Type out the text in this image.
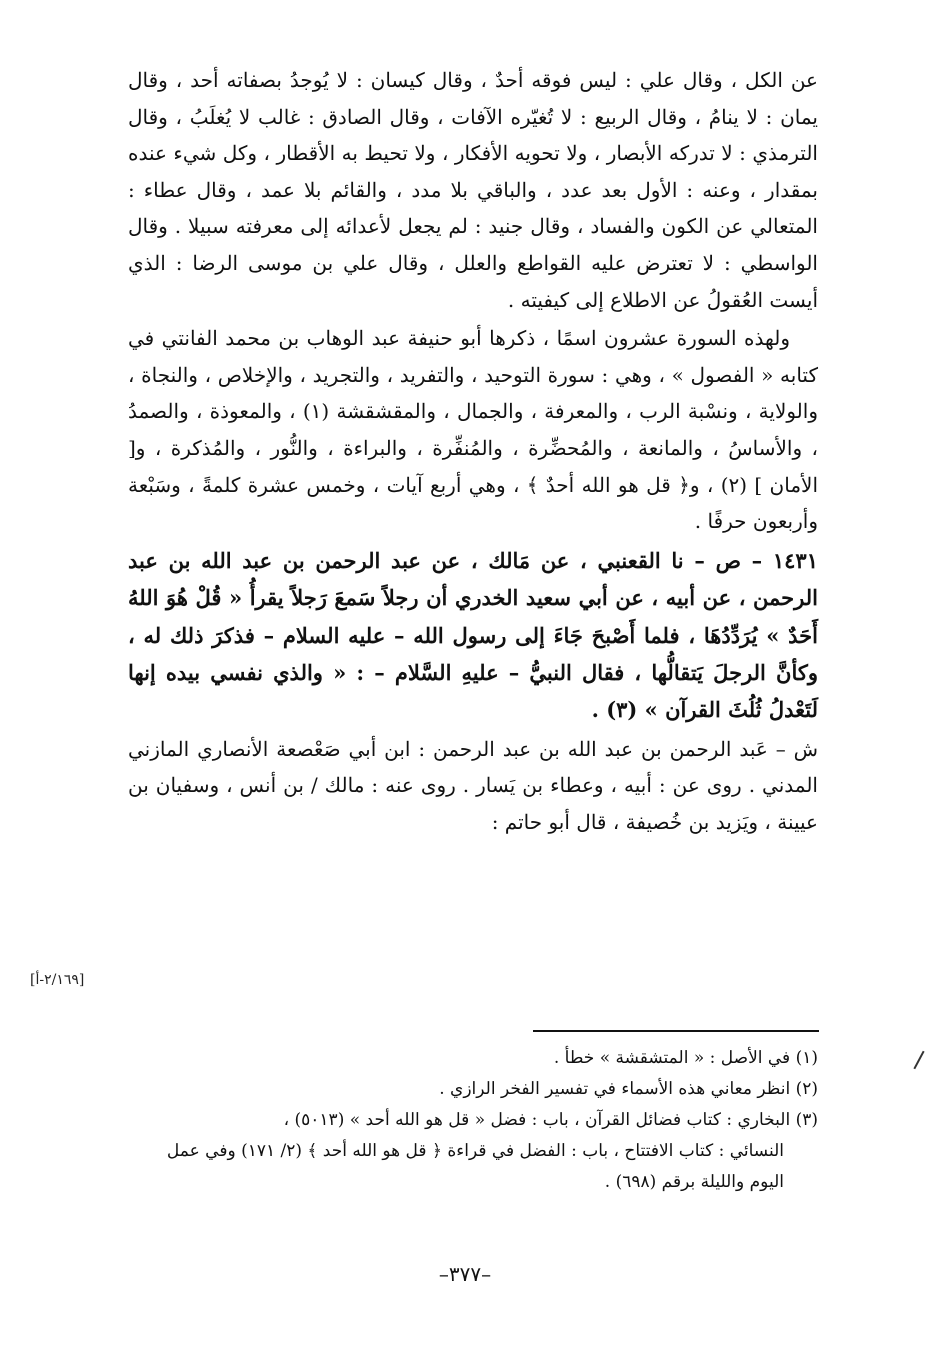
عن الكل ، وقال علي : ليس فوقه أحدٌ ، وقال كيسان : لا يُوجدُ بصفاته أحد ، وقال يمان : لا ينامُ ، وقال الربيع : لا تُغيّره الآفات ، وقال الصادق : غالب لا يُغلَبُ ، وقال الترمذي : لا تدركه الأبصار ، ولا تحويه الأفكار ، ولا تحيط به الأقطار ، وكل شيء عنده بمقدار ، وعنه : الأول بعد عدد ، والباقي بلا مدد ، والقائم بلا عمد ، وقال عطاء : المتعالي عن الكون والفساد ، وقال جنيد : لم يجعل لأعدائه إلى معرفته سبيلا . وقال الواسطي : لا تعترض عليه القواطع والعلل ، وقال علي بن موسى الرضا : الذي أيست العُقولُ عن الاطلاع إلى كيفيته .

ولهذه السورة عشرون اسمًا ، ذكرها أبو حنيفة عبد الوهاب بن محمد الفانتي في كتابه « الفصول » ، وهي : سورة التوحيد ، والتفريد ، والتجريد ، والإخلاص ، والنجاة ، والولاية ، ونسْبة الرب ، والمعرفة ، والجمال ، والمقشقشة (١) ، والمعوذة ، والصمدُ ، والأساسُ ، والمانعة ، والمُحضِّرة ، والمُنفِّرة ، والبراءة ، والنُّور ، والمُذكرة ، و[ الأمان ] (٢) ، و﴿ قل هو الله أحدٌ ﴾ ، وهي أربع آيات ، وخمس عشرة كلمةً ، وسَبْعة وأربعون حرفًا .

١٤٣١ – ص – نا القعنبي ، عن مَالك ، عن عبد الرحمن بن عبد الله بن عبد الرحمن ، عن أبيه ، عن أبي سعيد الخدري أن رجلاً سَمعَ رَجلاً يقرأُ « قُلْ هُوَ اللهُ أَحَدٌ » يُرَدِّدُهَا ، فلما أَصْبحَ جَاءَ إلى رسول الله – عليه السلام – فذكرَ ذلك له ، وكأنَّ الرجلَ يَتقالُّها ، فقال النبيُّ – عليهِ السَّلام – : « والذي نفسي بيده إنها لَتَعْدلُ ثُلُثَ القرآن » (٣) .

ش – عَبد الرحمن بن عبد الله بن عبد الرحمن : ابن أبي صَعْصعة الأنصاري المازني المدني . روى عن : أبيه ، وعطاء بن يَسار . روى عنه : مالك / بن أنس ، وسفيان بن عيينة ، ويَزيد بن خُصيفة ، قال أبو حاتم :

[٢/١٦٩-أ]

(١) في الأصل : « المتشقشة » خطأ .

(٢) انظر معاني هذه الأسماء في تفسير الفخر الرازي .

(٣) البخاري : كتاب فضائل القرآن ، باب : فضل « قل هو الله أحد » (٥٠١٣) ،
النسائي : كتاب الافتتاح ، باب : الفضل في قراءة ﴿ قل هو الله أحد ﴾ (٢/ ١٧١) وفي عمل اليوم والليلة برقم (٦٩٨) .

–٣٧٧–
